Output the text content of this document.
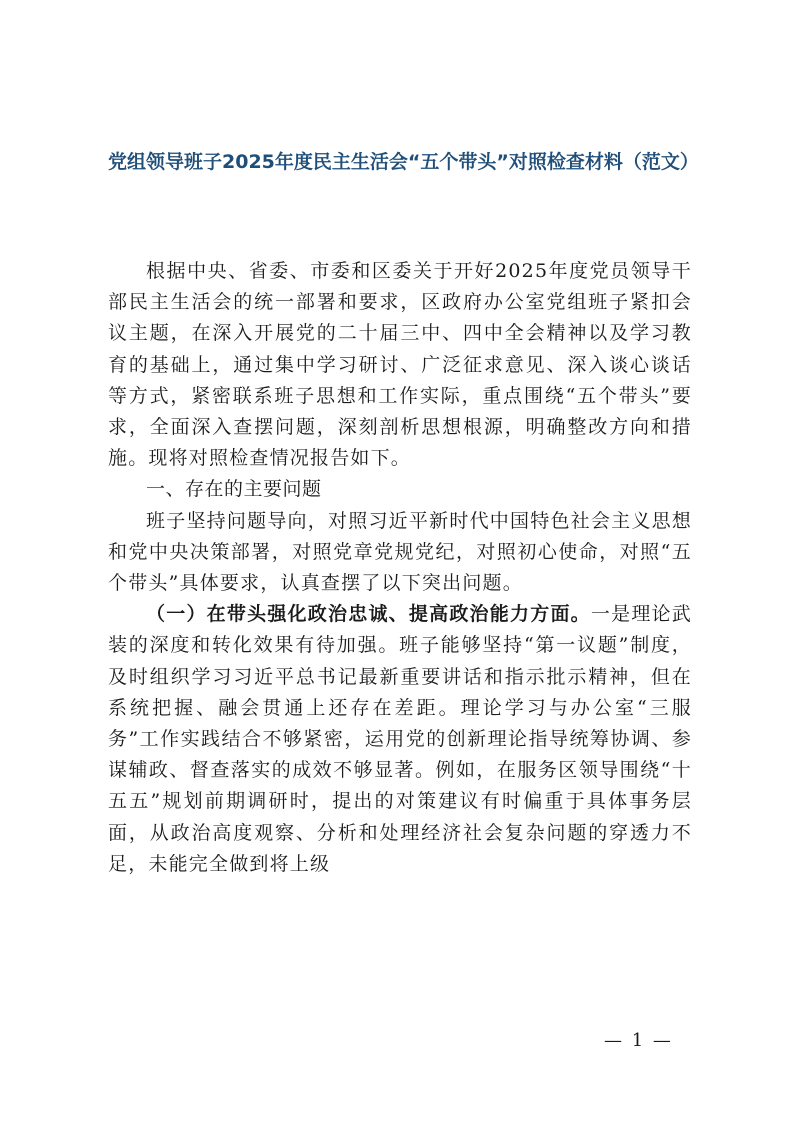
党组领导班子2025年度民主生活会“五个带头”对照检查材料（范文）

根据中央、省委、市委和区委关于开好2025年度党员领导干部民主生活会的统一部署和要求，区政府办公室党组班子紧扣会议主题，在深入开展党的二十届三中、四中全会精神以及学习教育的基础上，通过集中学习研讨、广泛征求意见、深入谈心谈话等方式，紧密联系班子思想和工作实际，重点围绕“五个带头”要求，全面深入查摆问题，深刻剖析思想根源，明确整改方向和措施。现将对照检查情况报告如下。

一、存在的主要问题

班子坚持问题导向，对照习近平新时代中国特色社会主义思想和党中央决策部署，对照党章党规党纪，对照初心使命，对照“五个带头”具体要求，认真查摆了以下突出问题。

（一）在带头强化政治忠诚、提高政治能力方面。一是理论武装的深度和转化效果有待加强。班子能够坚持“第一议题”制度，及时组织学习习近平总书记最新重要讲话和指示批示精神，但在系统把握、融会贯通上还存在差距。理论学习与办公室“三服务”工作实践结合不够紧密，运用党的创新理论指导统筹协调、参谋辅政、督查落实的成效不够显著。例如，在服务区领导围绕“十五五”规划前期调研时，提出的对策建议有时偏重于具体事务层面，从政治高度观察、分析和处理经济社会复杂问题的穿透力不足，未能完全做到将上级

— 1 —
